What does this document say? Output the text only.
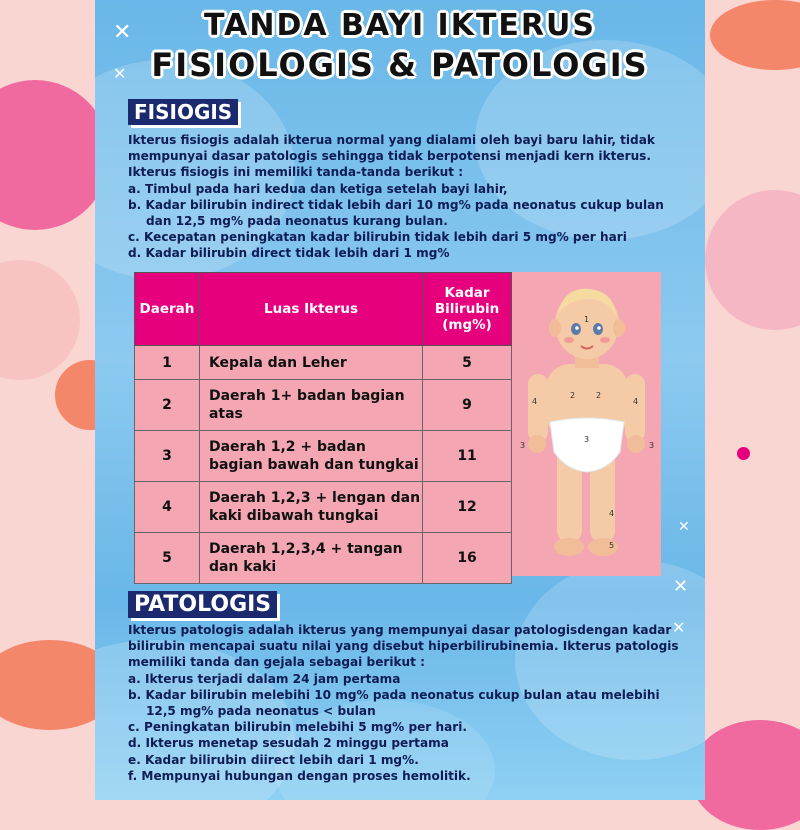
✕
✕
✕
✕
✕
TANDA BAYI IKTERUS
FISIOLOGIS & PATOLOGIS
FISIOGIS
Ikterus fisiogis adalah ikterua normal yang dialami oleh bayi baru lahir, tidak
mempunyai dasar patologis sehingga tidak berpotensi menjadi kern ikterus.
Ikterus fisiogis ini memiliki tanda-tanda berikut :
a. Timbul pada hari kedua dan ketiga setelah bayi lahir,
b. Kadar bilirubin indirect tidak lebih dari 10 mg% pada neonatus cukup bulan
dan 12,5 mg% pada neonatus kurang bulan.
c. Kecepatan peningkatan kadar bilirubin tidak lebih dari 5 mg% per hari
d. Kadar bilirubin direct tidak lebih dari 1 mg%
Daerah	Luas Ikterus	Kadar Bilirubin (mg%)
1	Kepala dan Leher	5
2	Daerah 1+ badan bagian atas	9
3	Daerah 1,2 + badan bagian bawah dan tungkai	11
4	Daerah 1,2,3 + lengan dan kaki dibawah tungkai	12
5	Daerah 1,2,3,4 + tangan dan kaki	16
1
2	2
4	4
3
3	3
4
5
PATOLOGIS
Ikterus patologis adalah ikterus yang mempunyai dasar patologisdengan kadar
bilirubin mencapai suatu nilai yang disebut hiperbilirubinemia. Ikterus patologis
memiliki tanda dan gejala sebagai berikut :
a. Ikterus terjadi dalam 24 jam pertama
b. Kadar bilirubin melebihi 10 mg% pada neonatus cukup bulan atau melebihi
12,5 mg% pada neonatus < bulan
c. Peningkatan bilirubin melebihi 5 mg% per hari.
d. Ikterus menetap sesudah 2 minggu pertama
e. Kadar bilirubin diirect lebih dari 1 mg%.
f. Mempunyai hubungan dengan proses hemolitik.
